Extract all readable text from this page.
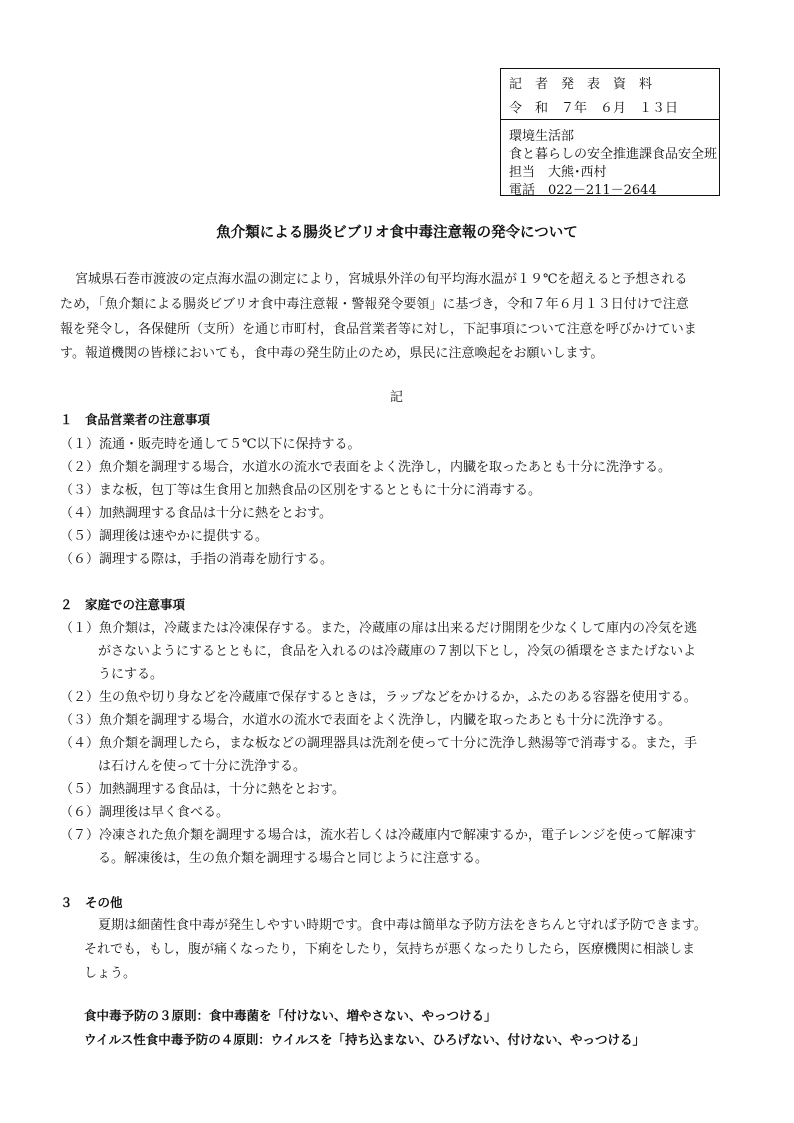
記　者　発　表　資　料
令　和　７年　６月　１３日
環境生活部
食と暮らしの安全推進課食品安全班
担当　大熊･西村
電話　022－211－2644
魚介類による腸炎ビブリオ食中毒注意報の発令について
宮城県石巻市渡波の定点海水温の測定により，宮城県外洋の旬平均海水温が１９℃を超えると予想される
ため，「魚介類による腸炎ビブリオ食中毒注意報・警報発令要領」に基づき，令和７年６月１３日付けで注意
報を発令し，各保健所（支所）を通じ市町村，食品営業者等に対し，下記事項について注意を呼びかけていま
す。報道機関の皆様においても，食中毒の発生防止のため，県民に注意喚起をお願いします。
記
１　食品営業者の注意事項
（１）流通・販売時を通して５℃以下に保持する。
（２）魚介類を調理する場合，水道水の流水で表面をよく洗浄し，内臓を取ったあとも十分に洗浄する。
（３）まな板，包丁等は生食用と加熱食品の区別をするとともに十分に消毒する。
（４）加熱調理する食品は十分に熱をとおす。
（５）調理後は速やかに提供する。
（６）調理する際は，手指の消毒を励行する。
２　家庭での注意事項
（１）魚介類は，冷蔵または冷凍保存する。また，冷蔵庫の扉は出来るだけ開閉を少なくして庫内の冷気を逃
がさないようにするとともに，食品を入れるのは冷蔵庫の７割以下とし，冷気の循環をさまたげないよ
うにする。
（２）生の魚や切り身などを冷蔵庫で保存するときは，ラップなどをかけるか，ふたのある容器を使用する。
（３）魚介類を調理する場合，水道水の流水で表面をよく洗浄し，内臓を取ったあとも十分に洗浄する。
（４）魚介類を調理したら，まな板などの調理器具は洗剤を使って十分に洗浄し熱湯等で消毒する。また，手
は石けんを使って十分に洗浄する。
（５）加熱調理する食品は，十分に熱をとおす。
（６）調理後は早く食べる。
（７）冷凍された魚介類を調理する場合は，流水若しくは冷蔵庫内で解凍するか，電子レンジを使って解凍す
る。解凍後は，生の魚介類を調理する場合と同じように注意する。
３　その他
夏期は細菌性食中毒が発生しやすい時期です。食中毒は簡単な予防方法をきちんと守れば予防できます。
それでも，もし，腹が痛くなったり，下痢をしたり，気持ちが悪くなったりしたら，医療機関に相談しま
しょう。
食中毒予防の３原則：食中毒菌を「付けない、増やさない、やっつける」
ウイルス性食中毒予防の４原則：ウイルスを「持ち込まない、ひろげない、付けない、やっつける」
